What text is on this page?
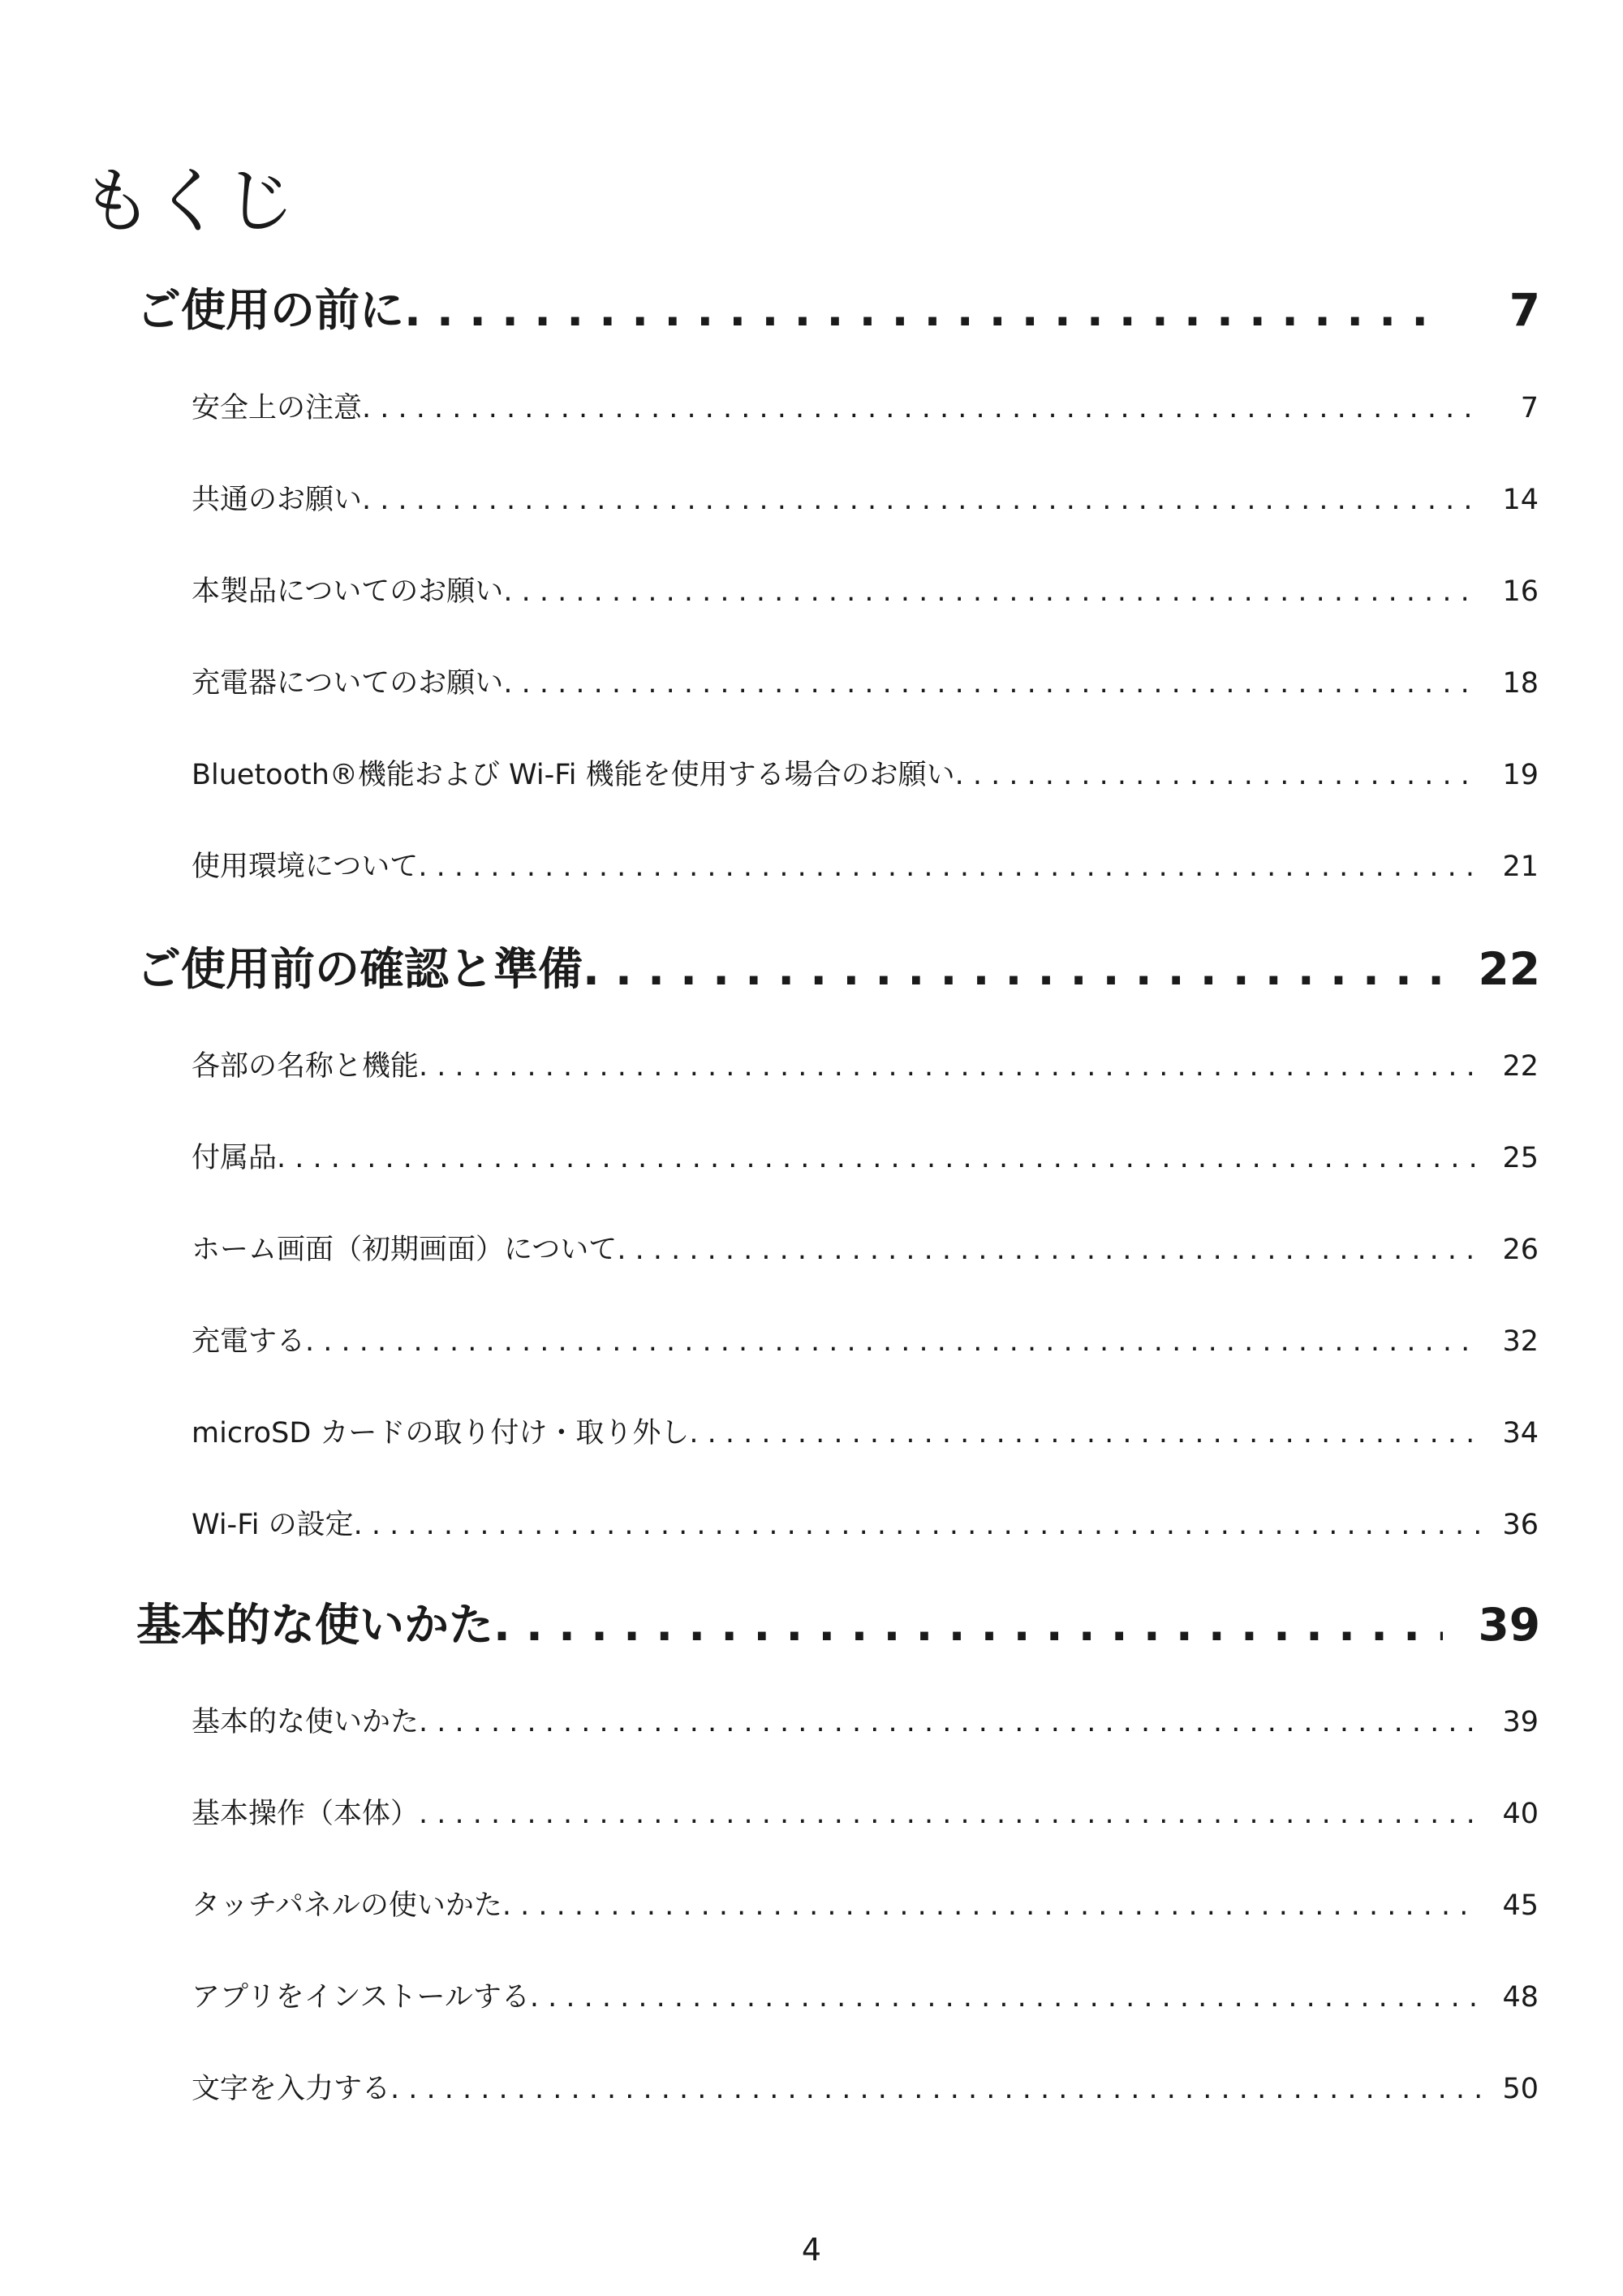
もくじ
ご使用の前に . . .	7
安全上の注意 . . .	7
共通のお願い . . .	14
本製品についてのお願い . . .	16
充電器についてのお願い . . .	18
Bluetooth®機能および Wi-Fi 機能を使用する場合のお願い . . .	19
使用環境について . . .	21
ご使用前の確認と準備 . . .	22
各部の名称と機能 . . .	22
付属品 . . .	25
ホーム画面（初期画面）について . . .	26
充電する . . .	32
microSD カードの取り付け・取り外し . . .	34
Wi-Fi の設定 . . .	36
基本的な使いかた . . .	39
基本的な使いかた . . .	39
基本操作（本体） . . .	40
タッチパネルの使いかた . . .	45
アプリをインストールする . . .	48
文字を入力する . . .	50
4
